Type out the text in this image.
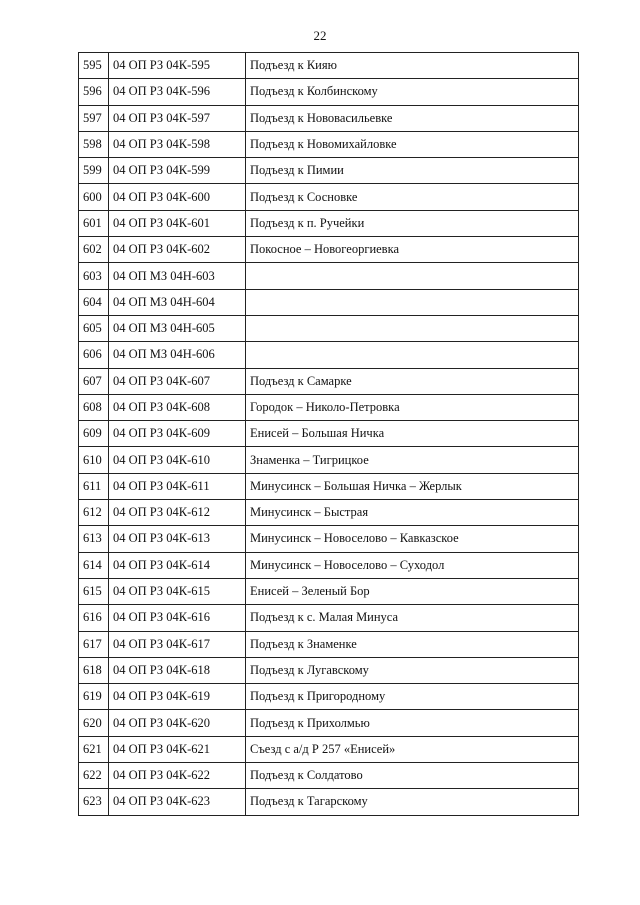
22
595	04 ОП РЗ 04К-595	Подъезд к Кияю
596	04 ОП РЗ 04К-596	Подъезд к Колбинскому
597	04 ОП РЗ 04К-597	Подъезд к Нововасильевке
598	04 ОП РЗ 04К-598	Подъезд к Новомихайловке
599	04 ОП РЗ 04К-599	Подъезд к Пимии
600	04 ОП РЗ 04К-600	Подъезд к Сосновке
601	04 ОП РЗ 04К-601	Подъезд к п. Ручейки
602	04 ОП РЗ 04К-602	Покосное – Новогеоргиевка
603	04 ОП МЗ 04Н-603	
604	04 ОП МЗ 04Н-604	
605	04 ОП МЗ 04Н-605	
606	04 ОП МЗ 04Н-606	
607	04 ОП РЗ 04К-607	Подъезд к Самарке
608	04 ОП РЗ 04К-608	Городок – Николо-Петровка
609	04 ОП РЗ 04К-609	Енисей – Большая Ничка
610	04 ОП РЗ 04К-610	Знаменка – Тигрицкое
611	04 ОП РЗ 04К-611	Минусинск – Большая Ничка – Жерлык
612	04 ОП РЗ 04К-612	Минусинск – Быстрая
613	04 ОП РЗ 04К-613	Минусинск – Новоселово – Кавказское
614	04 ОП РЗ 04К-614	Минусинск – Новоселово – Суходол
615	04 ОП РЗ 04К-615	Енисей – Зеленый Бор
616	04 ОП РЗ 04К-616	Подъезд к с. Малая Минуса
617	04 ОП РЗ 04К-617	Подъезд к Знаменке
618	04 ОП РЗ 04К-618	Подъезд к Лугавскому
619	04 ОП РЗ 04К-619	Подъезд к Пригородному
620	04 ОП РЗ 04К-620	Подъезд к Прихолмью
621	04 ОП РЗ 04К-621	Съезд с а/д Р 257 «Енисей»
622	04 ОП РЗ 04К-622	Подъезд к Солдатово
623	04 ОП РЗ 04К-623	Подъезд к Тагарскому
